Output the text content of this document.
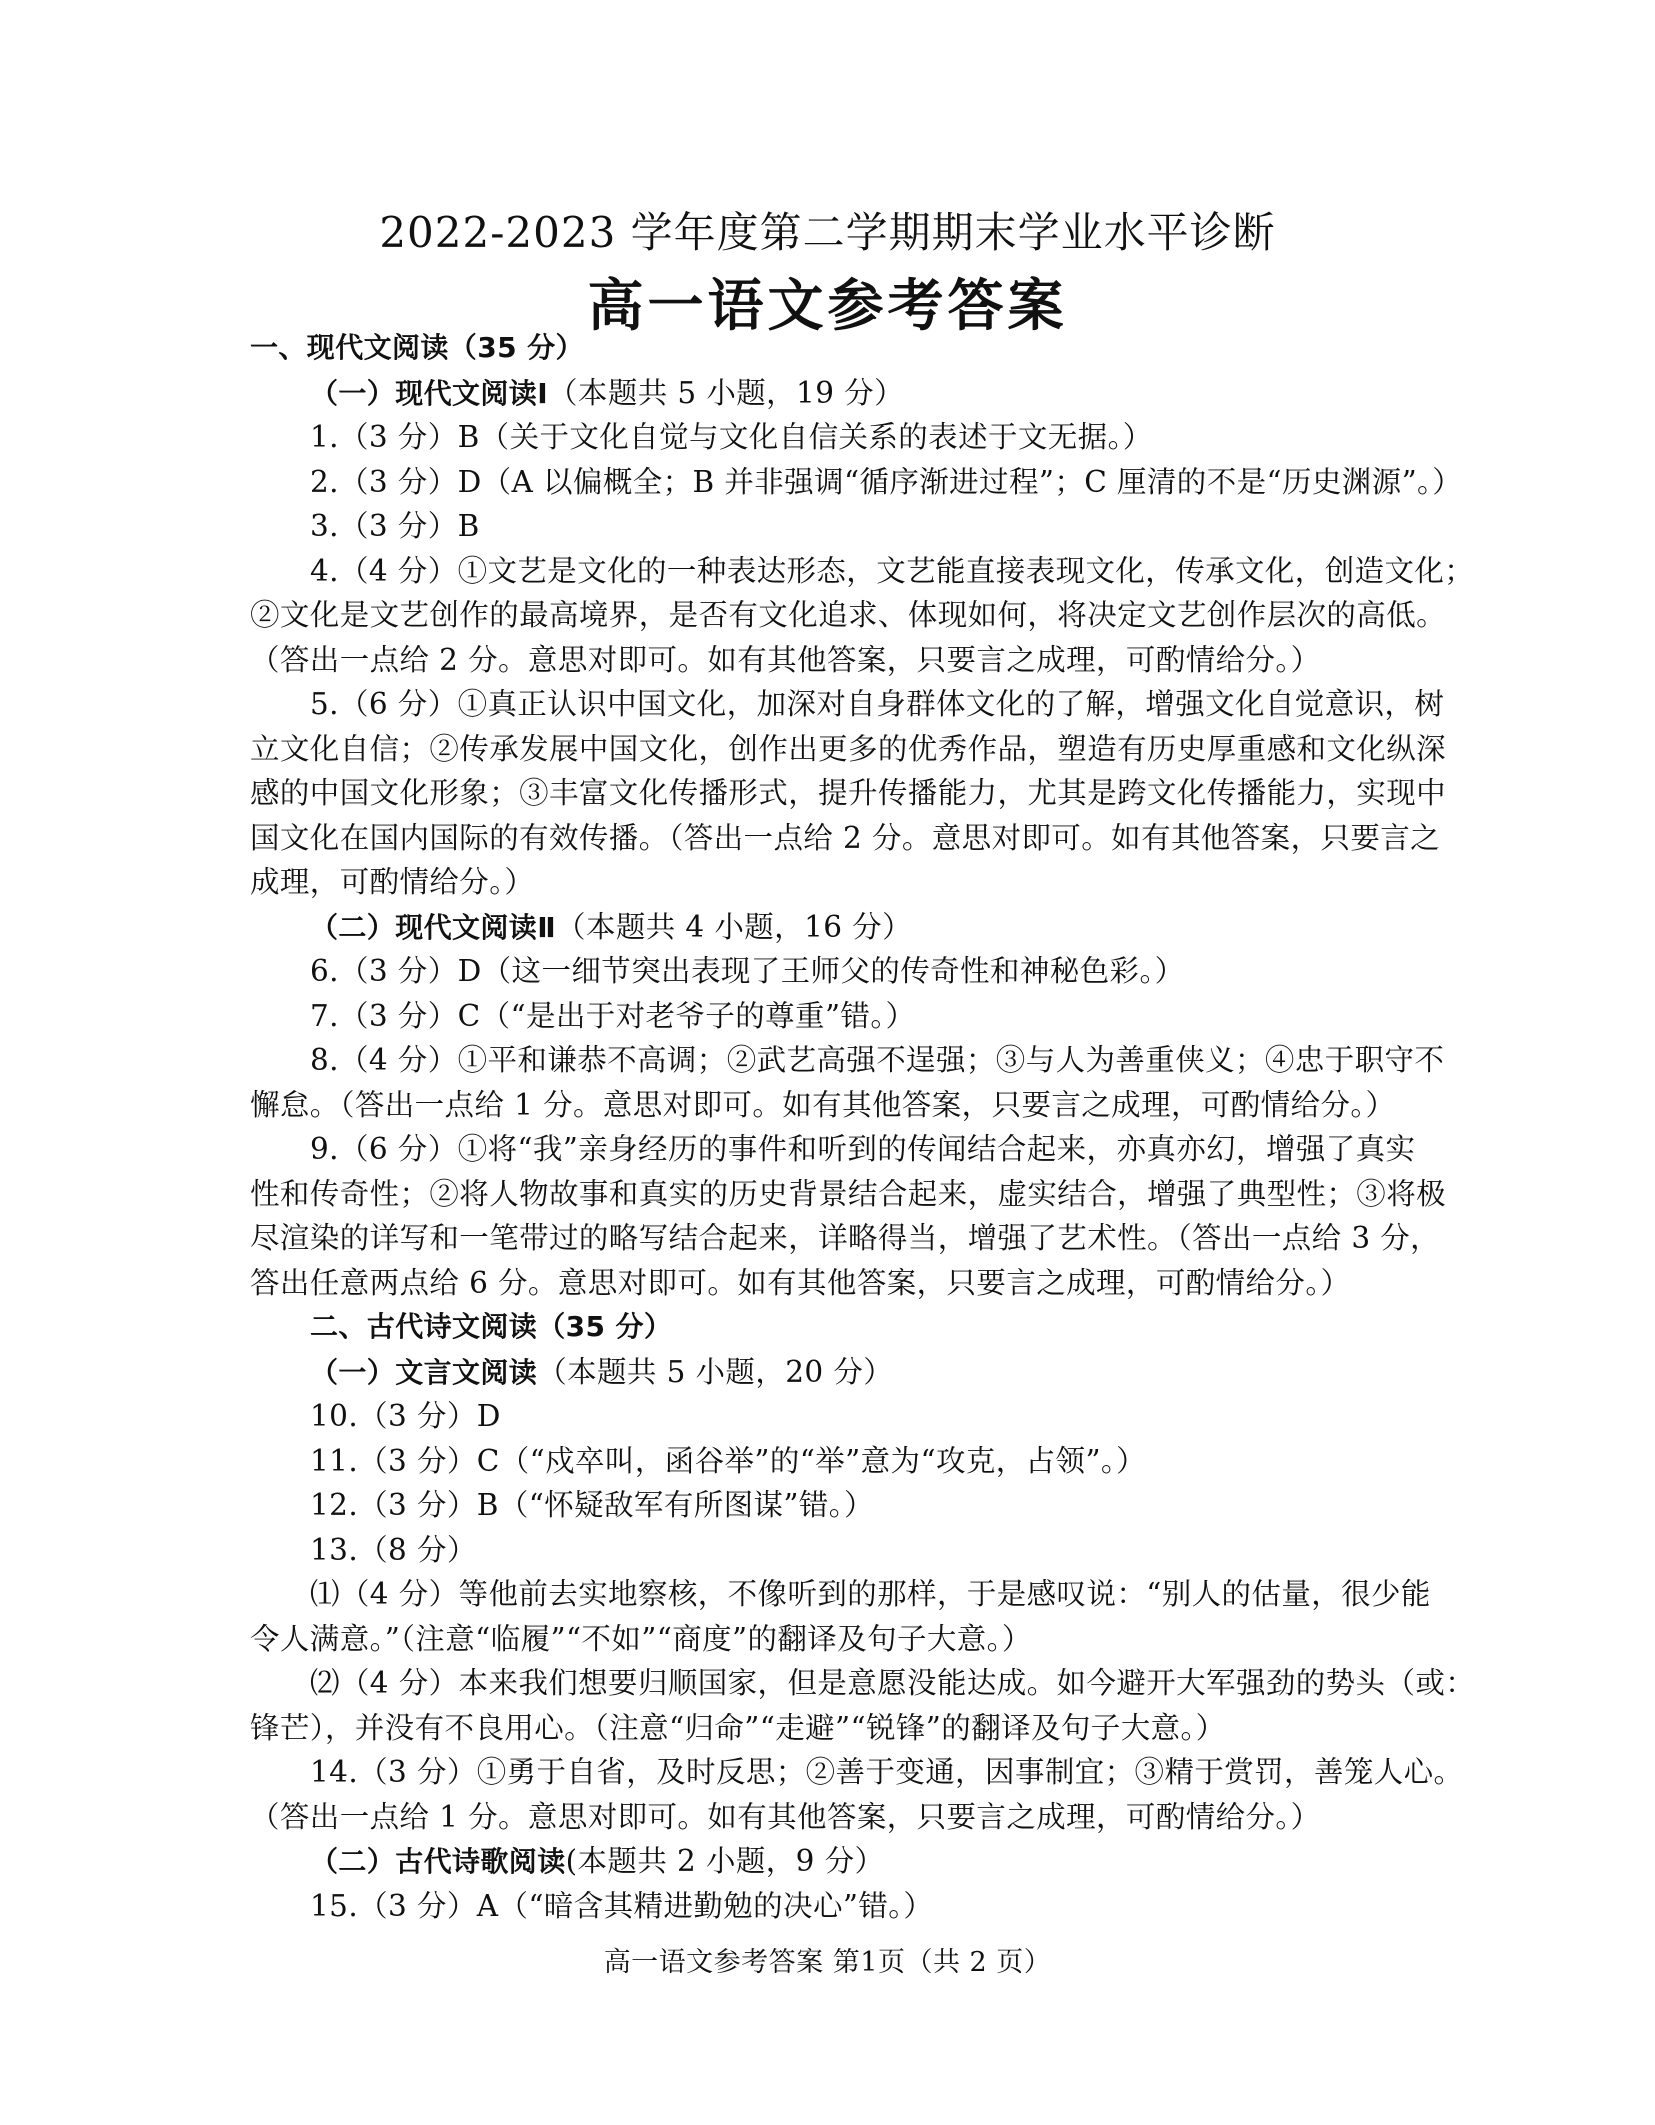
2022-2023 学年度第二学期期末学业水平诊断
高一语文参考答案
一、现代文阅读（35 分）
（一）现代文阅读Ⅰ（本题共 5 小题，19 分）
1.（3 分）B（关于文化自觉与文化自信关系的表述于文无据。）
2.（3 分）D（A 以偏概全；B 并非强调“循序渐进过程”；C 厘清的不是“历史渊源”。）
3.（3 分）B
4.（4 分）①文艺是文化的一种表达形态，文艺能直接表现文化，传承文化，创造文化；
②文化是文艺创作的最高境界，是否有文化追求、体现如何，将决定文艺创作层次的高低。
（答出一点给 2 分。意思对即可。如有其他答案，只要言之成理，可酌情给分。）
5.（6 分）①真正认识中国文化，加深对自身群体文化的了解，增强文化自觉意识，树
立文化自信；②传承发展中国文化，创作出更多的优秀作品，塑造有历史厚重感和文化纵深
感的中国文化形象；③丰富文化传播形式，提升传播能力，尤其是跨文化传播能力，实现中
国文化在国内国际的有效传播。（答出一点给 2 分。意思对即可。如有其他答案，只要言之
成理，可酌情给分。）
（二）现代文阅读Ⅱ（本题共 4 小题，16 分）
6.（3 分）D（这一细节突出表现了王师父的传奇性和神秘色彩。）
7.（3 分）C（“是出于对老爷子的尊重”错。）
8.（4 分）①平和谦恭不高调；②武艺高强不逞强；③与人为善重侠义；④忠于职守不
懈怠。（答出一点给 1 分。意思对即可。如有其他答案，只要言之成理，可酌情给分。）
9.（6 分）①将“我”亲身经历的事件和听到的传闻结合起来，亦真亦幻，增强了真实
性和传奇性；②将人物故事和真实的历史背景结合起来，虚实结合，增强了典型性；③将极
尽渲染的详写和一笔带过的略写结合起来，详略得当，增强了艺术性。（答出一点给 3 分，
答出任意两点给 6 分。意思对即可。如有其他答案，只要言之成理，可酌情给分。）
二、古代诗文阅读（35 分）
（一）文言文阅读（本题共 5 小题，20 分）
10.（3 分）D
11.（3 分）C（“戍卒叫，函谷举”的“举”意为“攻克，占领”。）
12.（3 分）B（“怀疑敌军有所图谋”错。）
13.（8 分）
⑴（4 分）等他前去实地察核，不像听到的那样，于是感叹说：“别人的估量，很少能
令人满意。”（注意“临履”“不如”“商度”的翻译及句子大意。）
⑵（4 分）本来我们想要归顺国家，但是意愿没能达成。如今避开大军强劲的势头（或：
锋芒），并没有不良用心。（注意“归命”“走避”“锐锋”的翻译及句子大意。）
14.（3 分）①勇于自省，及时反思；②善于变通，因事制宜；③精于赏罚，善笼人心。
（答出一点给 1 分。意思对即可。如有其他答案，只要言之成理，可酌情给分。）
（二）古代诗歌阅读(本题共 2 小题，9 分）
15.（3 分）A（“暗含其精进勤勉的决心”错。）
高一语文参考答案 第1页（共 2 页）
